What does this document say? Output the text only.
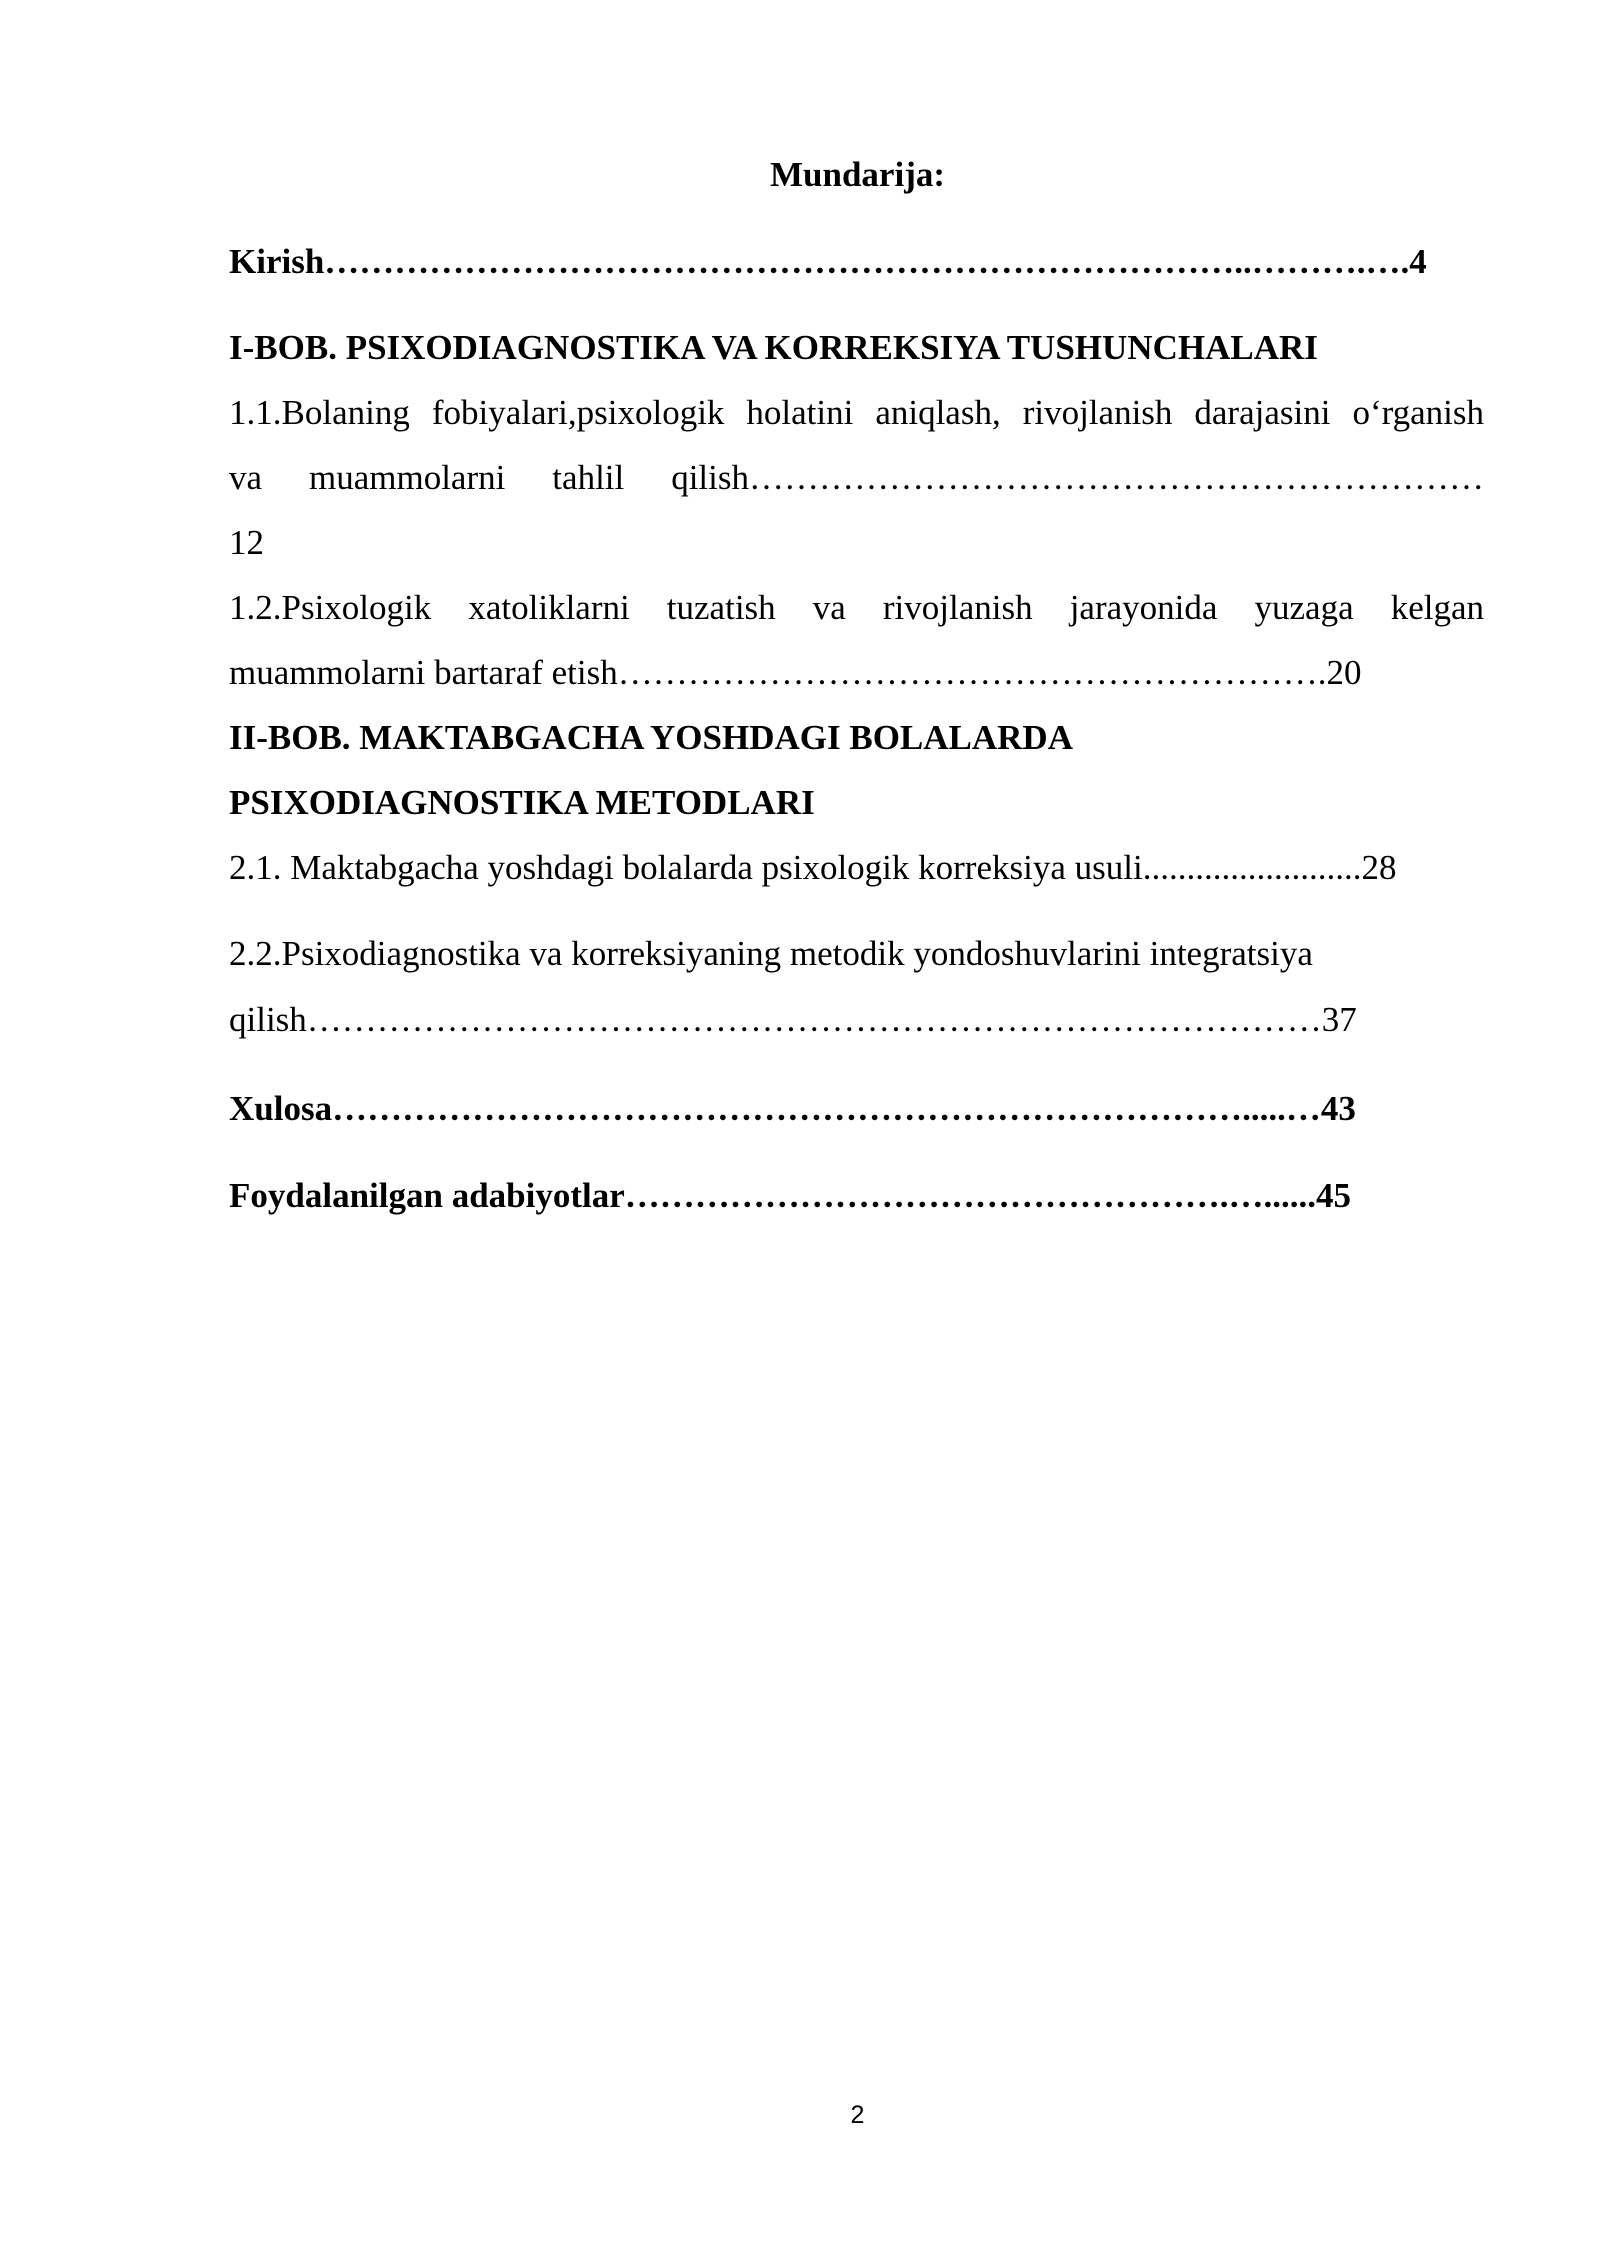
Mundarija:
Kirish……………………………………………………………………..……….….4
I-BOB. PSIXODIAGNOSTIKA VA KORREKSIYA TUSHUNCHALARI
1.1.Bolaning fobiyalari,psixologik holatini aniqlash, rivojlanish darajasini o‘rganish
va muammolarni tahlil qilish………………………………………………………
12
1.2.Psixologik xatoliklarni tuzatish va rivojlanish jarayonida yuzaga kelgan
muammolarni bartaraf etish…………………………………………………….20
II-BOB. MAKTABGACHA YOSHDAGI BOLALARDA
PSIXODIAGNOSTIKA METODLARI
2.1. Maktabgacha yoshdagi bolalarda psixologik korreksiya usuli.........................28
2.2.Psixodiagnostika va korreksiyaning metodik yondoshuvlarini integratsiya
qilish……………………………………………………………………………37
Xulosa…………………………………………………………………….....…43
Foydalanilgan adabiyotlar…………………………………………….…......45
2
